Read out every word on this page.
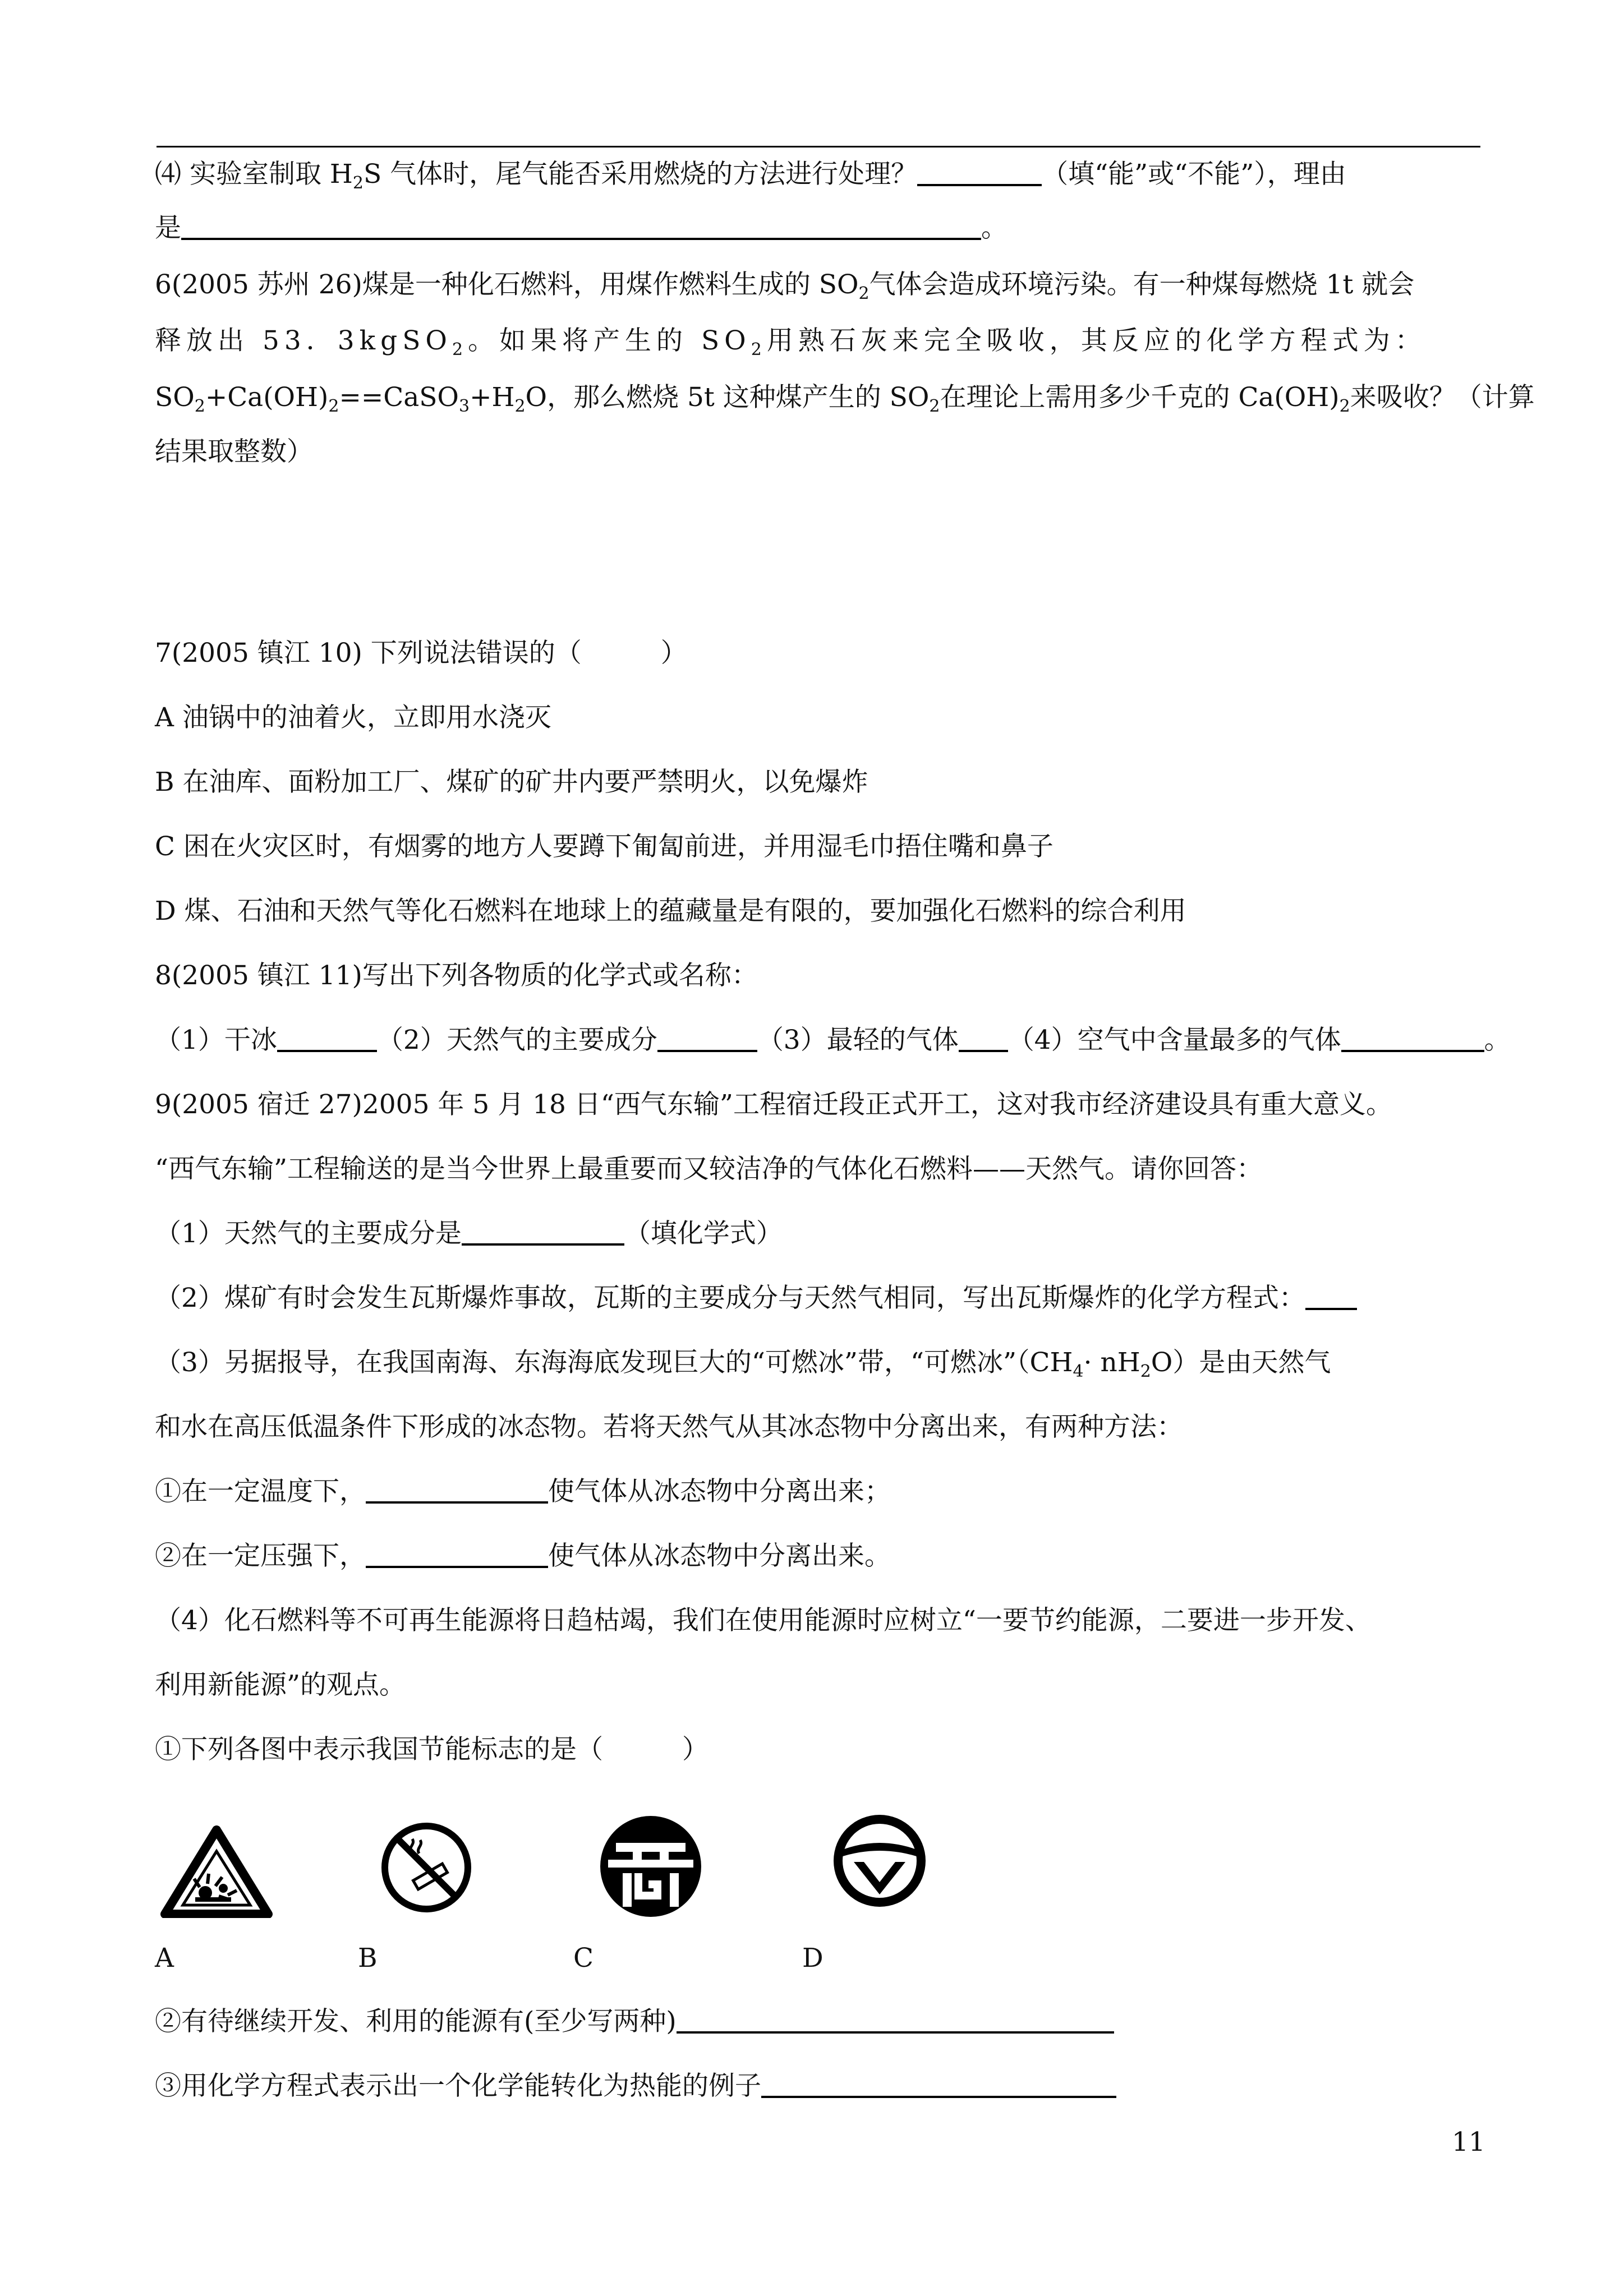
⑷ 实验室制取 $H_2S$ 气体时，尾气能否采用燃烧的方法进行处理？	（填“能”或“不能”），理由
是	。
6(2005 苏州 26)煤是一种化石燃料，用煤作燃料生成的 $SO_2$气体会造成环境污染。有一种煤每燃烧 1t 就会
释放出 53．3kgSO$_2$。如果将产生的 $SO_2$用熟石灰来完全吸收，其反应的化学方程式为：
$SO_2+Ca(OH)_2==CaSO_3+H_2O$，那么燃烧 5t 这种煤产生的 $SO_2$在理论上需用多少千克的 $Ca(OH)_2$来吸收？（计算
结果取整数）
7(2005 镇江 10) 下列说法错误的（　　　）
A 油锅中的油着火，立即用水浇灭
B 在油库、面粉加工厂、煤矿的矿井内要严禁明火，以免爆炸
C 困在火灾区时，有烟雾的地方人要蹲下匍匐前进，并用湿毛巾捂住嘴和鼻子
D 煤、石油和天然气等化石燃料在地球上的蕴藏量是有限的，要加强化石燃料的综合利用
8(2005 镇江 11)写出下列各物质的化学式或名称：
（1）干冰	（2）天然气的主要成分	（3）最轻的气体 （4）空气中含量最多的气体	。
9(2005 宿迁 27)2005 年 5 月 18 日“西气东输”工程宿迁段正式开工，这对我市经济建设具有重大意义。
“西气东输”工程输送的是当今世界上最重要而又较洁净的气体化石燃料——天然气。请你回答：
（1）天然气的主要成分是	（填化学式）
（2）煤矿有时会发生瓦斯爆炸事故，瓦斯的主要成分与天然气相同，写出瓦斯爆炸的化学方程式：
（3）另据报导，在我国南海、东海海底发现巨大的“可燃冰”带，“可燃冰$”(CH_4\cdot nH_2O)$是由天然气
和水在高压低温条件下形成的冰态物。若将天然气从其冰态物中分离出来，有两种方法：
①在一定温度下，	使气体从冰态物中分离出来；
②在一定压强下，	使气体从冰态物中分离出来。
（4）化石燃料等不可再生能源将日趋枯竭，我们在使用能源时应树立“一要节约能源，二要进一步开发、
利用新能源”的观点。
①下列各图中表示我国节能标志的是（　　　）
A	B	C	D
②有待继续开发、利用的能源有(至少写两种)
③用化学方程式表示出一个化学能转化为热能的例子
11
